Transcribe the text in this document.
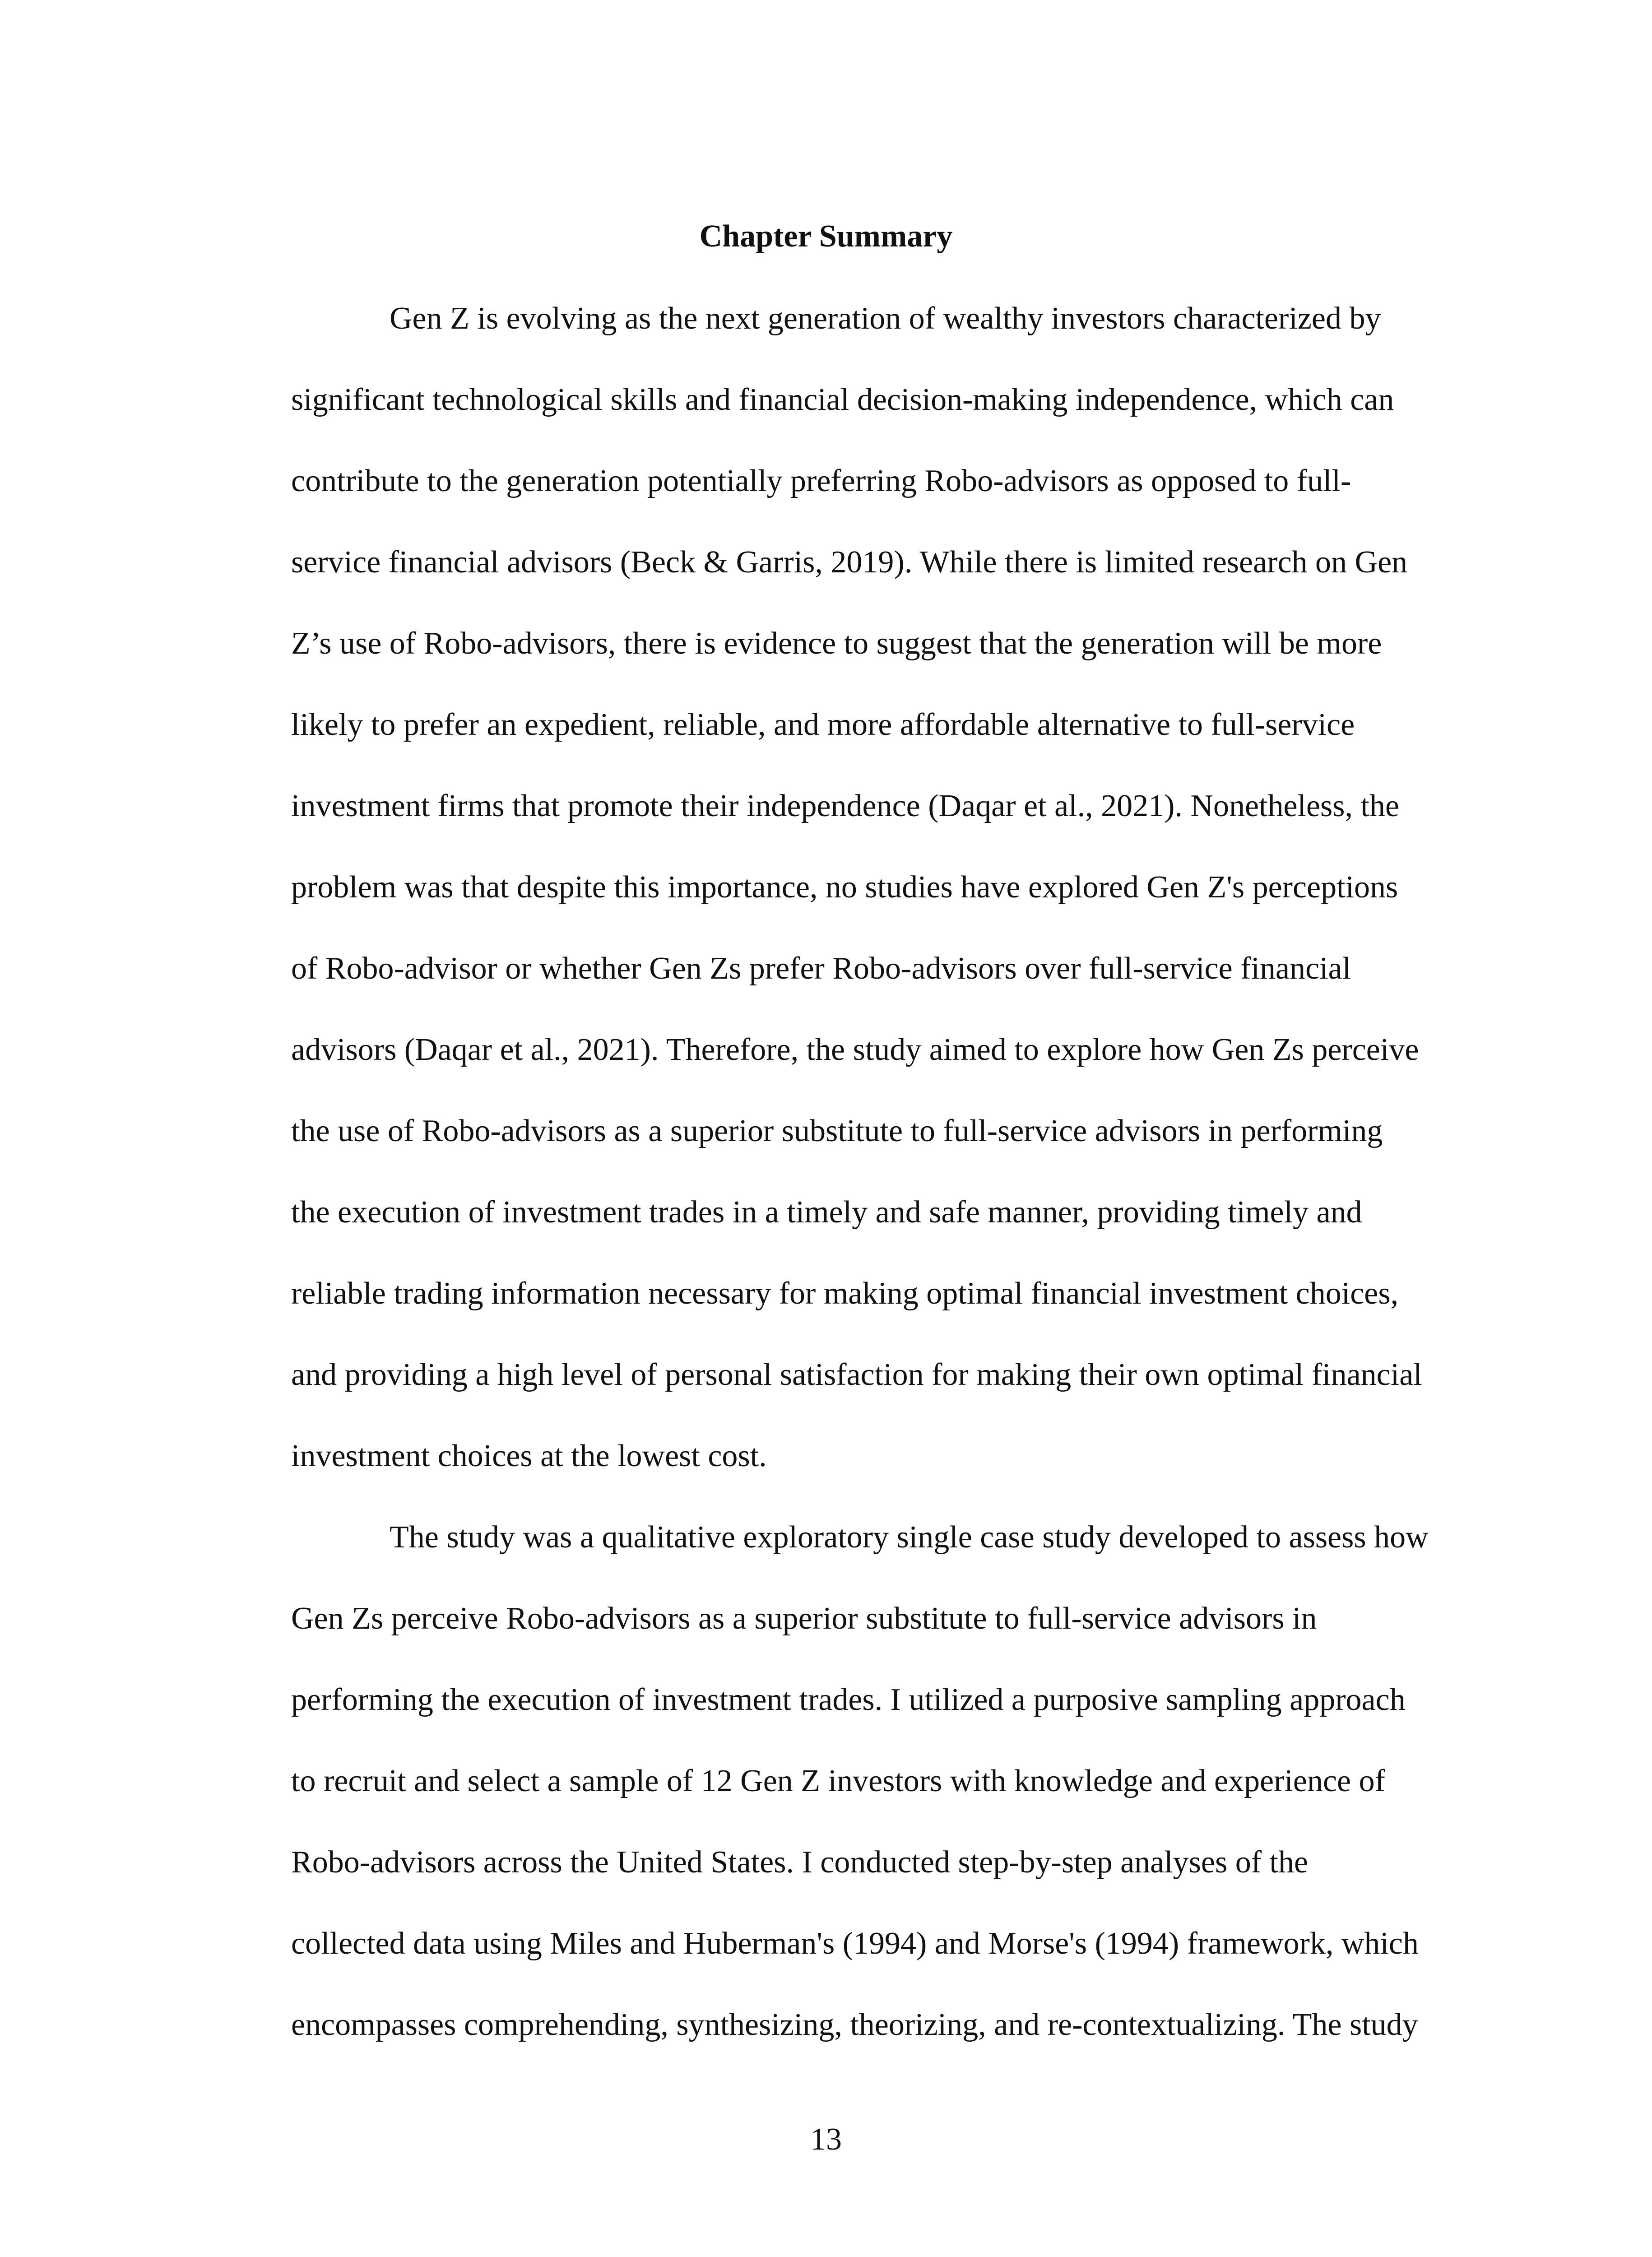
Chapter Summary

Gen Z is evolving as the next generation of wealthy investors characterized by
significant technological skills and financial decision-making independence, which can
contribute to the generation potentially preferring Robo-advisors as opposed to full-
service financial advisors (Beck & Garris, 2019). While there is limited research on Gen
Z’s use of Robo-advisors, there is evidence to suggest that the generation will be more
likely to prefer an expedient, reliable, and more affordable alternative to full-service
investment firms that promote their independence (Daqar et al., 2021). Nonetheless, the
problem was that despite this importance, no studies have explored Gen Z's perceptions
of Robo-advisor or whether Gen Zs prefer Robo-advisors over full-service financial
advisors (Daqar et al., 2021). Therefore, the study aimed to explore how Gen Zs perceive
the use of Robo-advisors as a superior substitute to full-service advisors in performing
the execution of investment trades in a timely and safe manner, providing timely and
reliable trading information necessary for making optimal financial investment choices,
and providing a high level of personal satisfaction for making their own optimal financial
investment choices at the lowest cost.

The study was a qualitative exploratory single case study developed to assess how
Gen Zs perceive Robo-advisors as a superior substitute to full-service advisors in
performing the execution of investment trades. I utilized a purposive sampling approach
to recruit and select a sample of 12 Gen Z investors with knowledge and experience of
Robo-advisors across the United States. I conducted step-by-step analyses of the
collected data using Miles and Huberman's (1994) and Morse's (1994) framework, which
encompasses comprehending, synthesizing, theorizing, and re-contextualizing. The study

13
